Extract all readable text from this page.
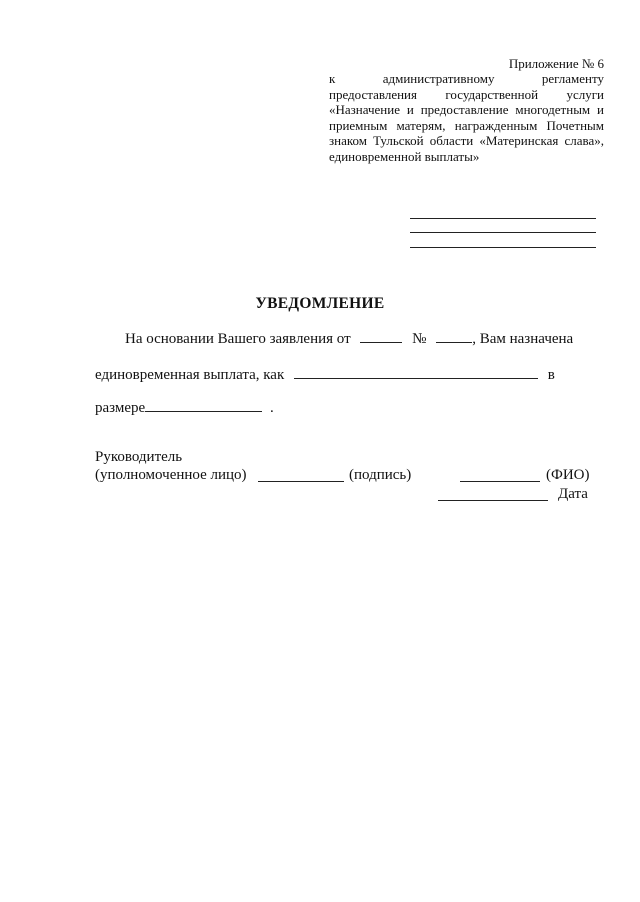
Приложение № 6
к административному регламенту предоставления государственной услуги «Назначение и предоставление многодетным и приемным матерям, награжденным Почетным знаком Тульской области «Материнская слава», единовременной выплаты»
УВЕДОМЛЕНИЕ
На основании Вашего заявления от	№	, Вам назначена
единовременная выплата, как	в
размере	.
Руководитель
(уполномоченное лицо)	(подпись)	(ФИО)
Дата
